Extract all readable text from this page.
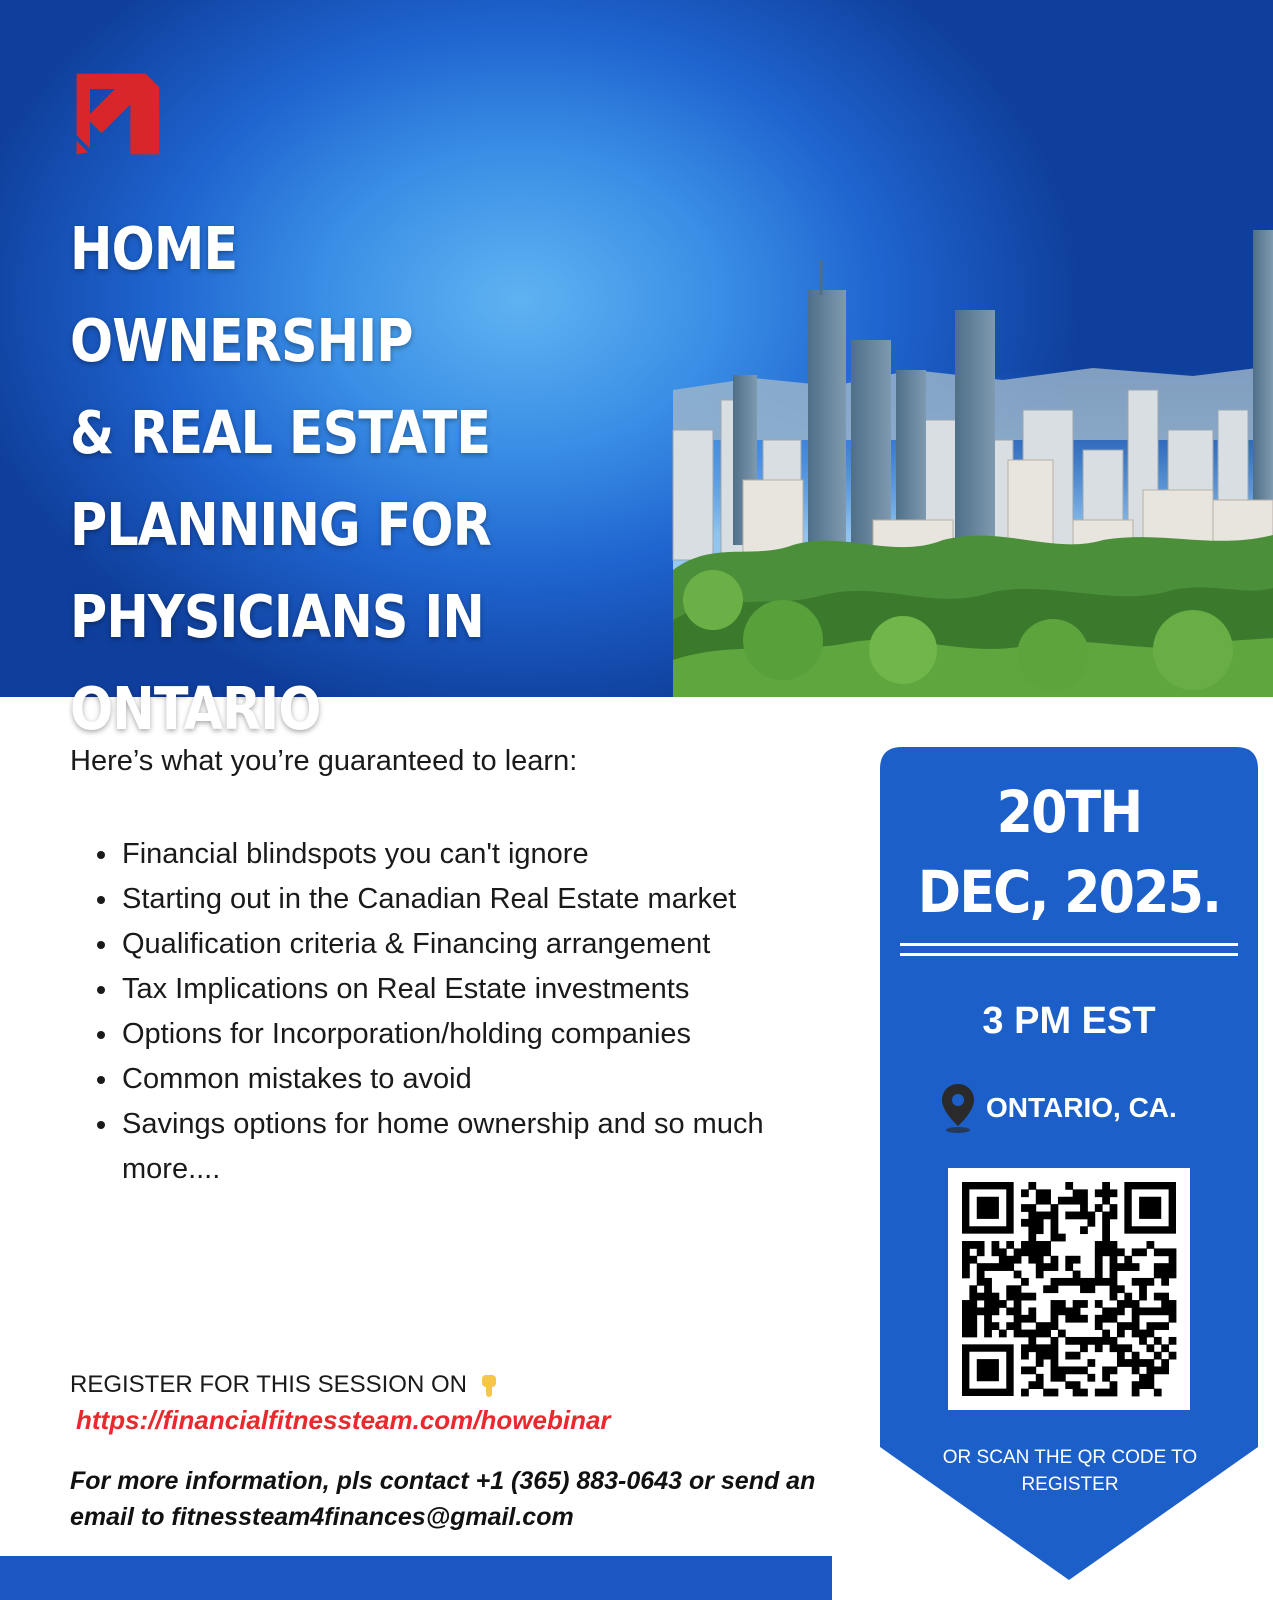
HOME OWNERSHIP
& REAL ESTATE
PLANNING FOR
PHYSICIANS IN
ONTARIO

Here’s what you’re guaranteed to learn:

• Financial blindspots you can't ignore
• Starting out in the Canadian Real Estate market
• Qualification criteria & Financing arrangement
• Tax Implications on Real Estate investments
• Options for Incorporation/holding companies
• Common mistakes to avoid
• Savings options for home ownership and so much more....
REGISTER FOR THIS SESSION ON
https://financialfitnessteam.com/howebinar

For more information, pls contact +1 (365) 883-0643 or send an email to fitnessteam4finances@gmail.com

20TH
DEC, 2025.
3 PM EST
ONTARIO, CA.
OR SCAN THE QR CODE TO REGISTER
